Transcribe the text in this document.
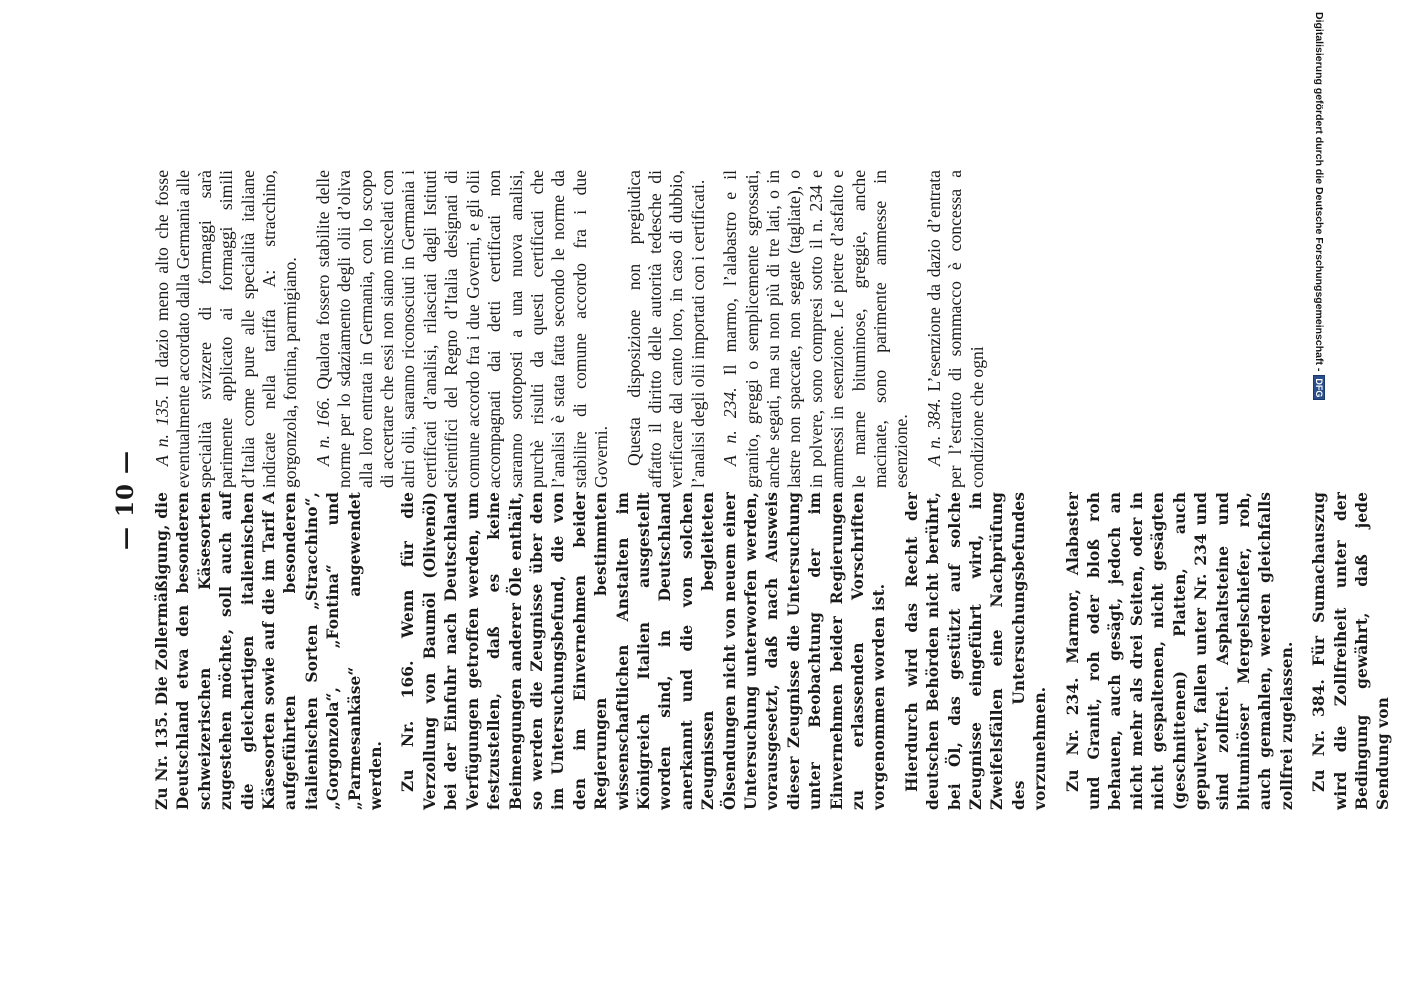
— 10 — Zu Nr. 135. Die Zollermäßigung, die Deutschland etwa den besonderen schweizerischen Käsesorten zugestehen möchte, soll auch auf die gleichartigen italienischen Käsesorten sowie auf die im Tarif A aufgeführten besonderen italienischen Sorten „Stracchino“, „Gorgonzola“, „Fontina“ und „Parmesankäse“ angewendet werden. Zu Nr. 166. Wenn für die Verzollung von Baumöl (Olivenöl) bei der Einfuhr nach Deutschland Verfügungen getroffen werden, um festzustellen, daß es keine Beimengungen anderer Öle enthält, so werden die Zeugnisse über den im Untersuchungsbefund, die von den im Einvernehmen beider Regierungen bestimmten wissenschaftlichen Anstalten im Königreich Italien ausgestellt worden sind, in Deutschland anerkannt und die von solchen Zeugnissen begleiteten Ölsendungen nicht von neuem einer Untersuchung unterworfen werden, vorausgesetzt, daß nach Ausweis dieser Zeugnisse die Untersuchung unter Beobachtung der im Einvernehmen beider Regierungen zu erlassenden Vorschriften vorgenommen worden ist. Hierdurch wird das Recht der deutschen Behörden nicht berührt, bei Öl, das gestützt auf solche Zeugnisse eingeführt wird, in Zweifelsfällen eine Nachprüfung des Untersuchungsbefundes vorzunehmen. Zu Nr. 234. Marmor, Alabaster und Granit, roh oder bloß roh behauen, auch gesägt, jedoch an nicht mehr als drei Seiten, oder in nicht gespaltenen, nicht gesägten (geschnittenen) Platten, auch gepulvert, fallen unter Nr. 234 und sind zollfrei. Asphaltsteine und bituminöser Mergelschiefer, roh, auch gemahlen, werden gleichfalls zollfrei zugelassen. Zu Nr. 384. Für Sumachauszug wird die Zollfreiheit unter der Bedingung gewährt, daß jede Sendung von

A n. 135. Il dazio meno alto che fosse eventualmente accordato dalla Germania alle specialità svizzere di formaggi sarà parimente applicato ai formaggi simili d’Italia come pure alle specialità italiane indicate nella tariffa A: stracchino, gorgonzola, fontina, parmigiano. A n. 166. Qualora fossero stabilite delle norme per lo sdaziamento degli olii d’oliva alla loro entrata in Germania, con lo scopo di accertare che essi non siano miscelati con altri olii, saranno riconosciuti in Germania i certificati d’analisi, rilasciati dagli Istituti scientifici del Regno d’Italia designati di comune accordo fra i due Governi, e gli olii accompagnati dai detti certificati non saranno sottoposti a una nuova analisi, purchè risulti da questi certificati che l’analisi è stata fatta secondo le norme da stabilire di comune accordo fra i due Governi. Questa disposizione non pregiudica affatto il diritto delle autorità tedesche di verificare dal canto loro, in caso di dubbio, l’analisi degli olii importati con i certificati. A n. 234. Il marmo, l’alabastro e il granito, greggi o semplicemente sgrossati, anche segati, ma su non più di tre lati, o in lastre non spaccate, non segate (tagliate), o in polvere, sono compresi sotto il n. 234 e ammessi in esenzione. Le pietre d’asfalto e le marne bituminose, greggie, anche macinate, sono parimente ammesse in esenzione. A n. 384. L’esenzione da dazio d’entrata per l’estratto di sommacco è concessa a condizione che ogni

Digitalisierung gefördert durch die Deutsche Forschungsgemeinschaft -DFG
